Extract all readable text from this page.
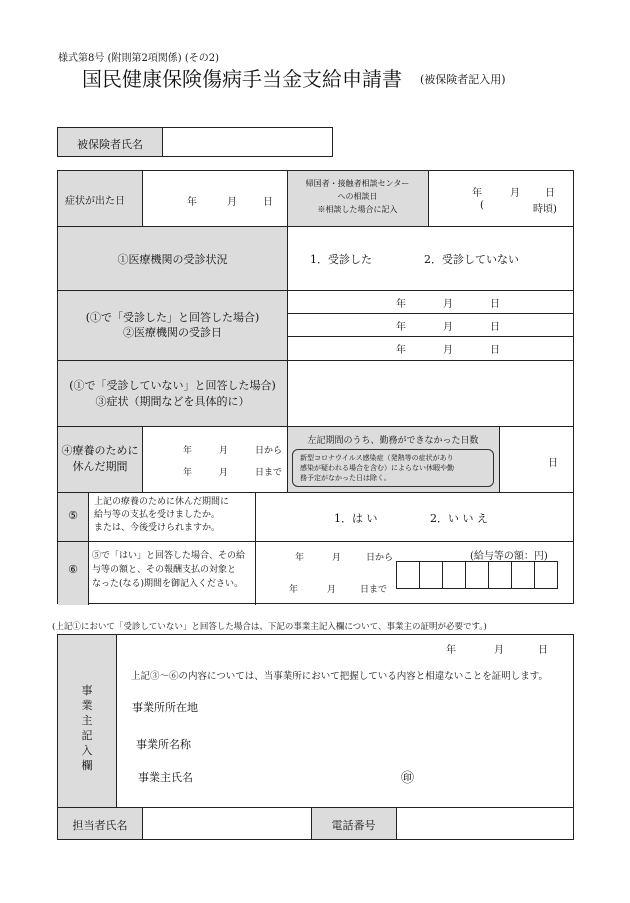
様式第8号 (附則第2項関係) (その2)
国民健康保険傷病手当金支給申請書 (被保険者記入用)
被保険者氏名
症状が出た日	年	月	日
帰国者・接触者相談センター
への相談日
※相談した場合に記入
年	月	日
(	時頃)
①医療機関の受診状況	1．受診した	2．受診していない
(①で「受診した」と回答した場合)
②医療機関の受診日
年	月	日
年	月	日
年	月	日
(①で「受診していない」と回答した場合)
③症状（期間などを具体的に）
④療養のために
休んだ期間
年	月	日から
年	月	日まで
左記期間のうち、勤務ができなかった日数
新型コロナウイルス感染症（発熱等の症状があり
感染が疑われる場合を含む）によらない休暇や勤
務予定がなかった日は除く。
日
⑤
上記の療養のために休んだ期間に
給与等の支払を受けましたか。
または、今後受けられますか。
1．は い	2．い い え
⑥
⑤で「はい」と回答した場合、その給
与等の額と、その報酬支払の対象と
なった(なる)期間を御記入ください。
年	月	日から
年	月	日まで
(給与等の額：円)
(上記①において「受診していない」と回答した場合は、下記の事業主記入欄について、事業主の証明が必要です。)
事業主記入欄
年	月	日
上記③～⑥の内容については、当事業所において把握している内容と相違ないことを証明します。
事業所所在地
事業所名称
事業主氏名	㊞
担当者氏名	電話番号
